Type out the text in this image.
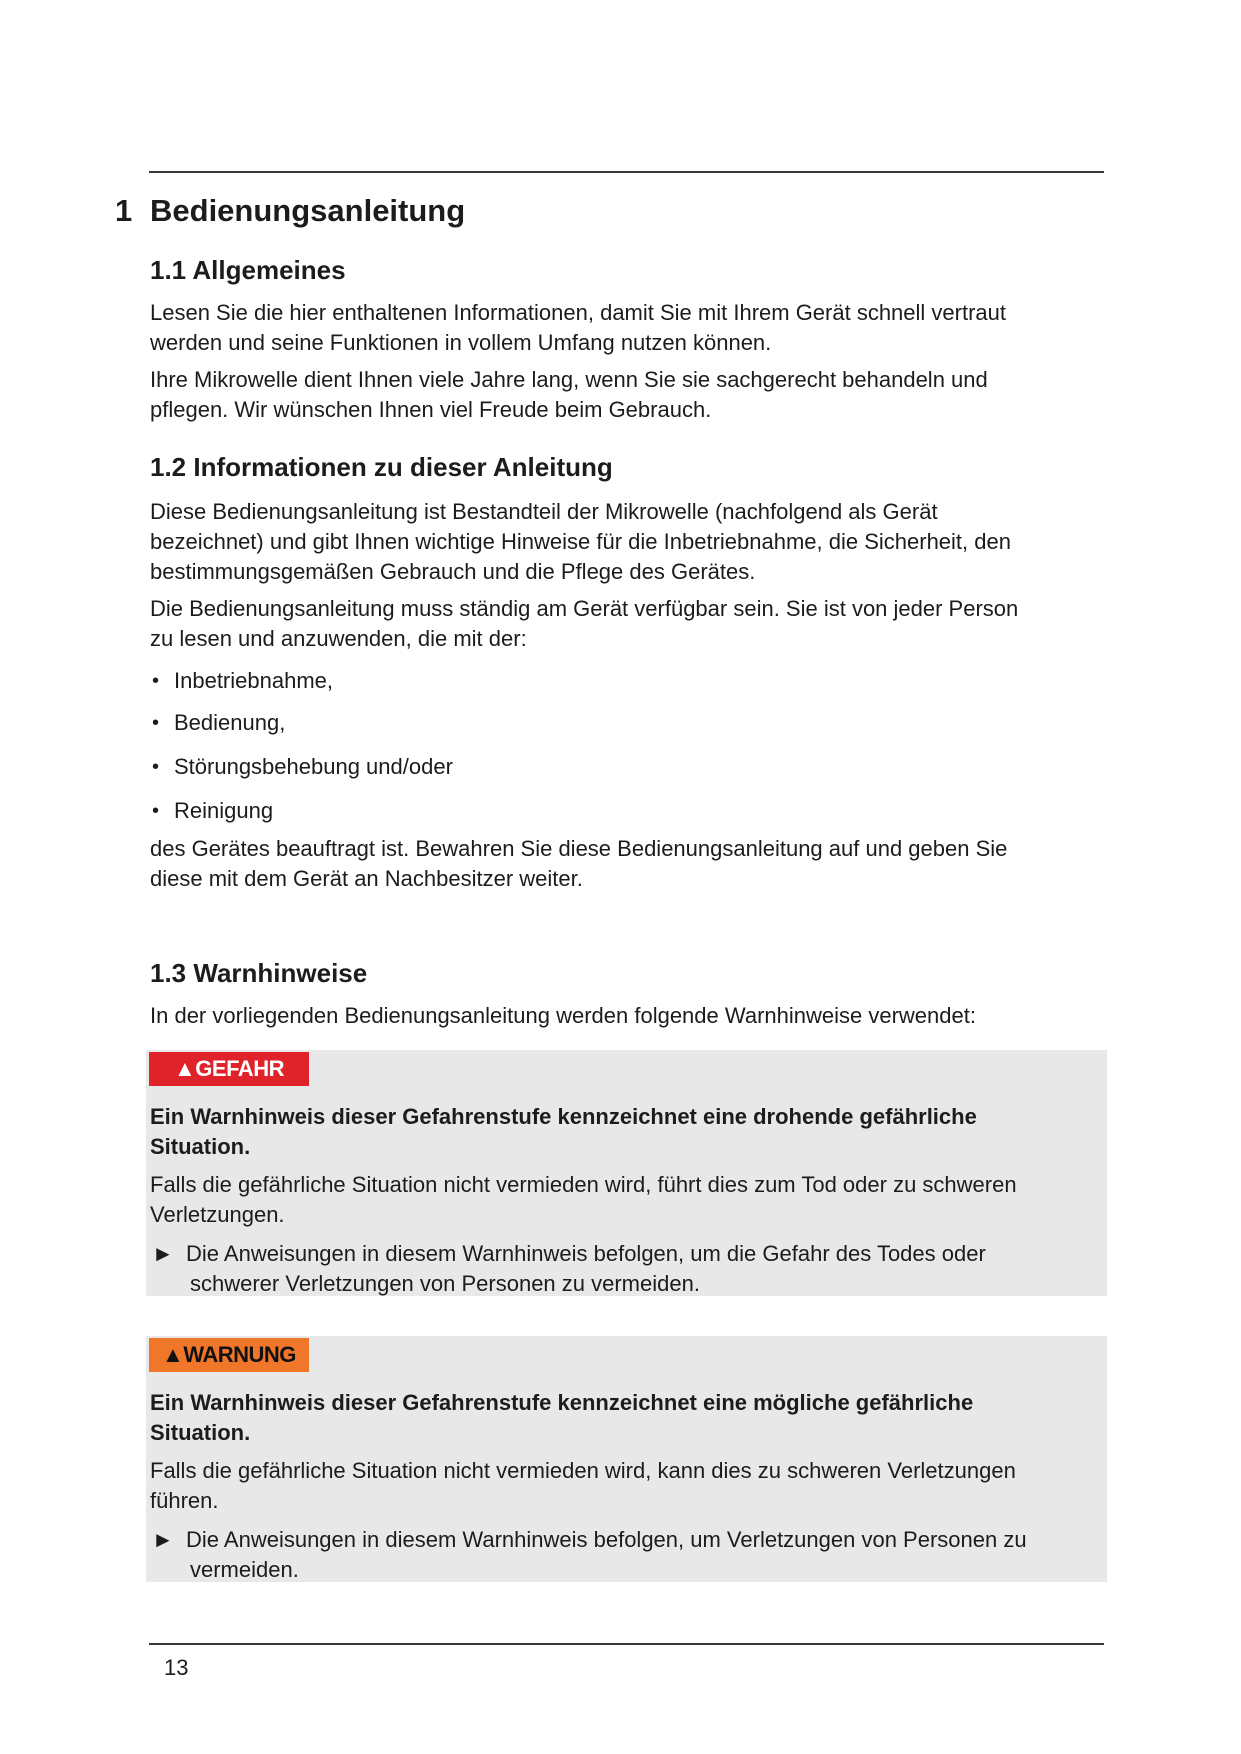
1 Bedienungsanleitung
1.1 Allgemeines

Lesen Sie die hier enthaltenen Informationen, damit Sie mit Ihrem Gerät schnell vertraut
werden und seine Funktionen in vollem Umfang nutzen können.

Ihre Mikrowelle dient Ihnen viele Jahre lang, wenn Sie sie sachgerecht behandeln und
pflegen. Wir wünschen Ihnen viel Freude beim Gebrauch.

1.2 Informationen zu dieser Anleitung

Diese Bedienungsanleitung ist Bestandteil der Mikrowelle (nachfolgend als Gerät
bezeichnet) und gibt Ihnen wichtige Hinweise für die Inbetriebnahme, die Sicherheit, den
bestimmungsgemäßen Gebrauch und die Pflege des Gerätes.

Die Bedienungsanleitung muss ständig am Gerät verfügbar sein. Sie ist von jeder Person
zu lesen und anzuwenden, die mit der:

• Inbetriebnahme,
• Bedienung,
• Störungsbehebung und/oder
• Reinigung

des Gerätes beauftragt ist. Bewahren Sie diese Bedienungsanleitung auf und geben Sie
diese mit dem Gerät an Nachbesitzer weiter.

1.3 Warnhinweise

In der vorliegenden Bedienungsanleitung werden folgende Warnhinweise verwendet:

▲GEFAHR

Ein Warnhinweis dieser Gefahrenstufe kennzeichnet eine drohende gefährliche
Situation.

Falls die gefährliche Situation nicht vermieden wird, führt dies zum Tod oder zu schweren
Verletzungen.

► Die Anweisungen in diesem Warnhinweis befolgen, um die Gefahr des Todes oder
schwerer Verletzungen von Personen zu vermeiden.

▲WARNUNG

Ein Warnhinweis dieser Gefahrenstufe kennzeichnet eine mögliche gefährliche
Situation.

Falls die gefährliche Situation nicht vermieden wird, kann dies zu schweren Verletzungen
führen.

► Die Anweisungen in diesem Warnhinweis befolgen, um Verletzungen von Personen zu
vermeiden.

13
